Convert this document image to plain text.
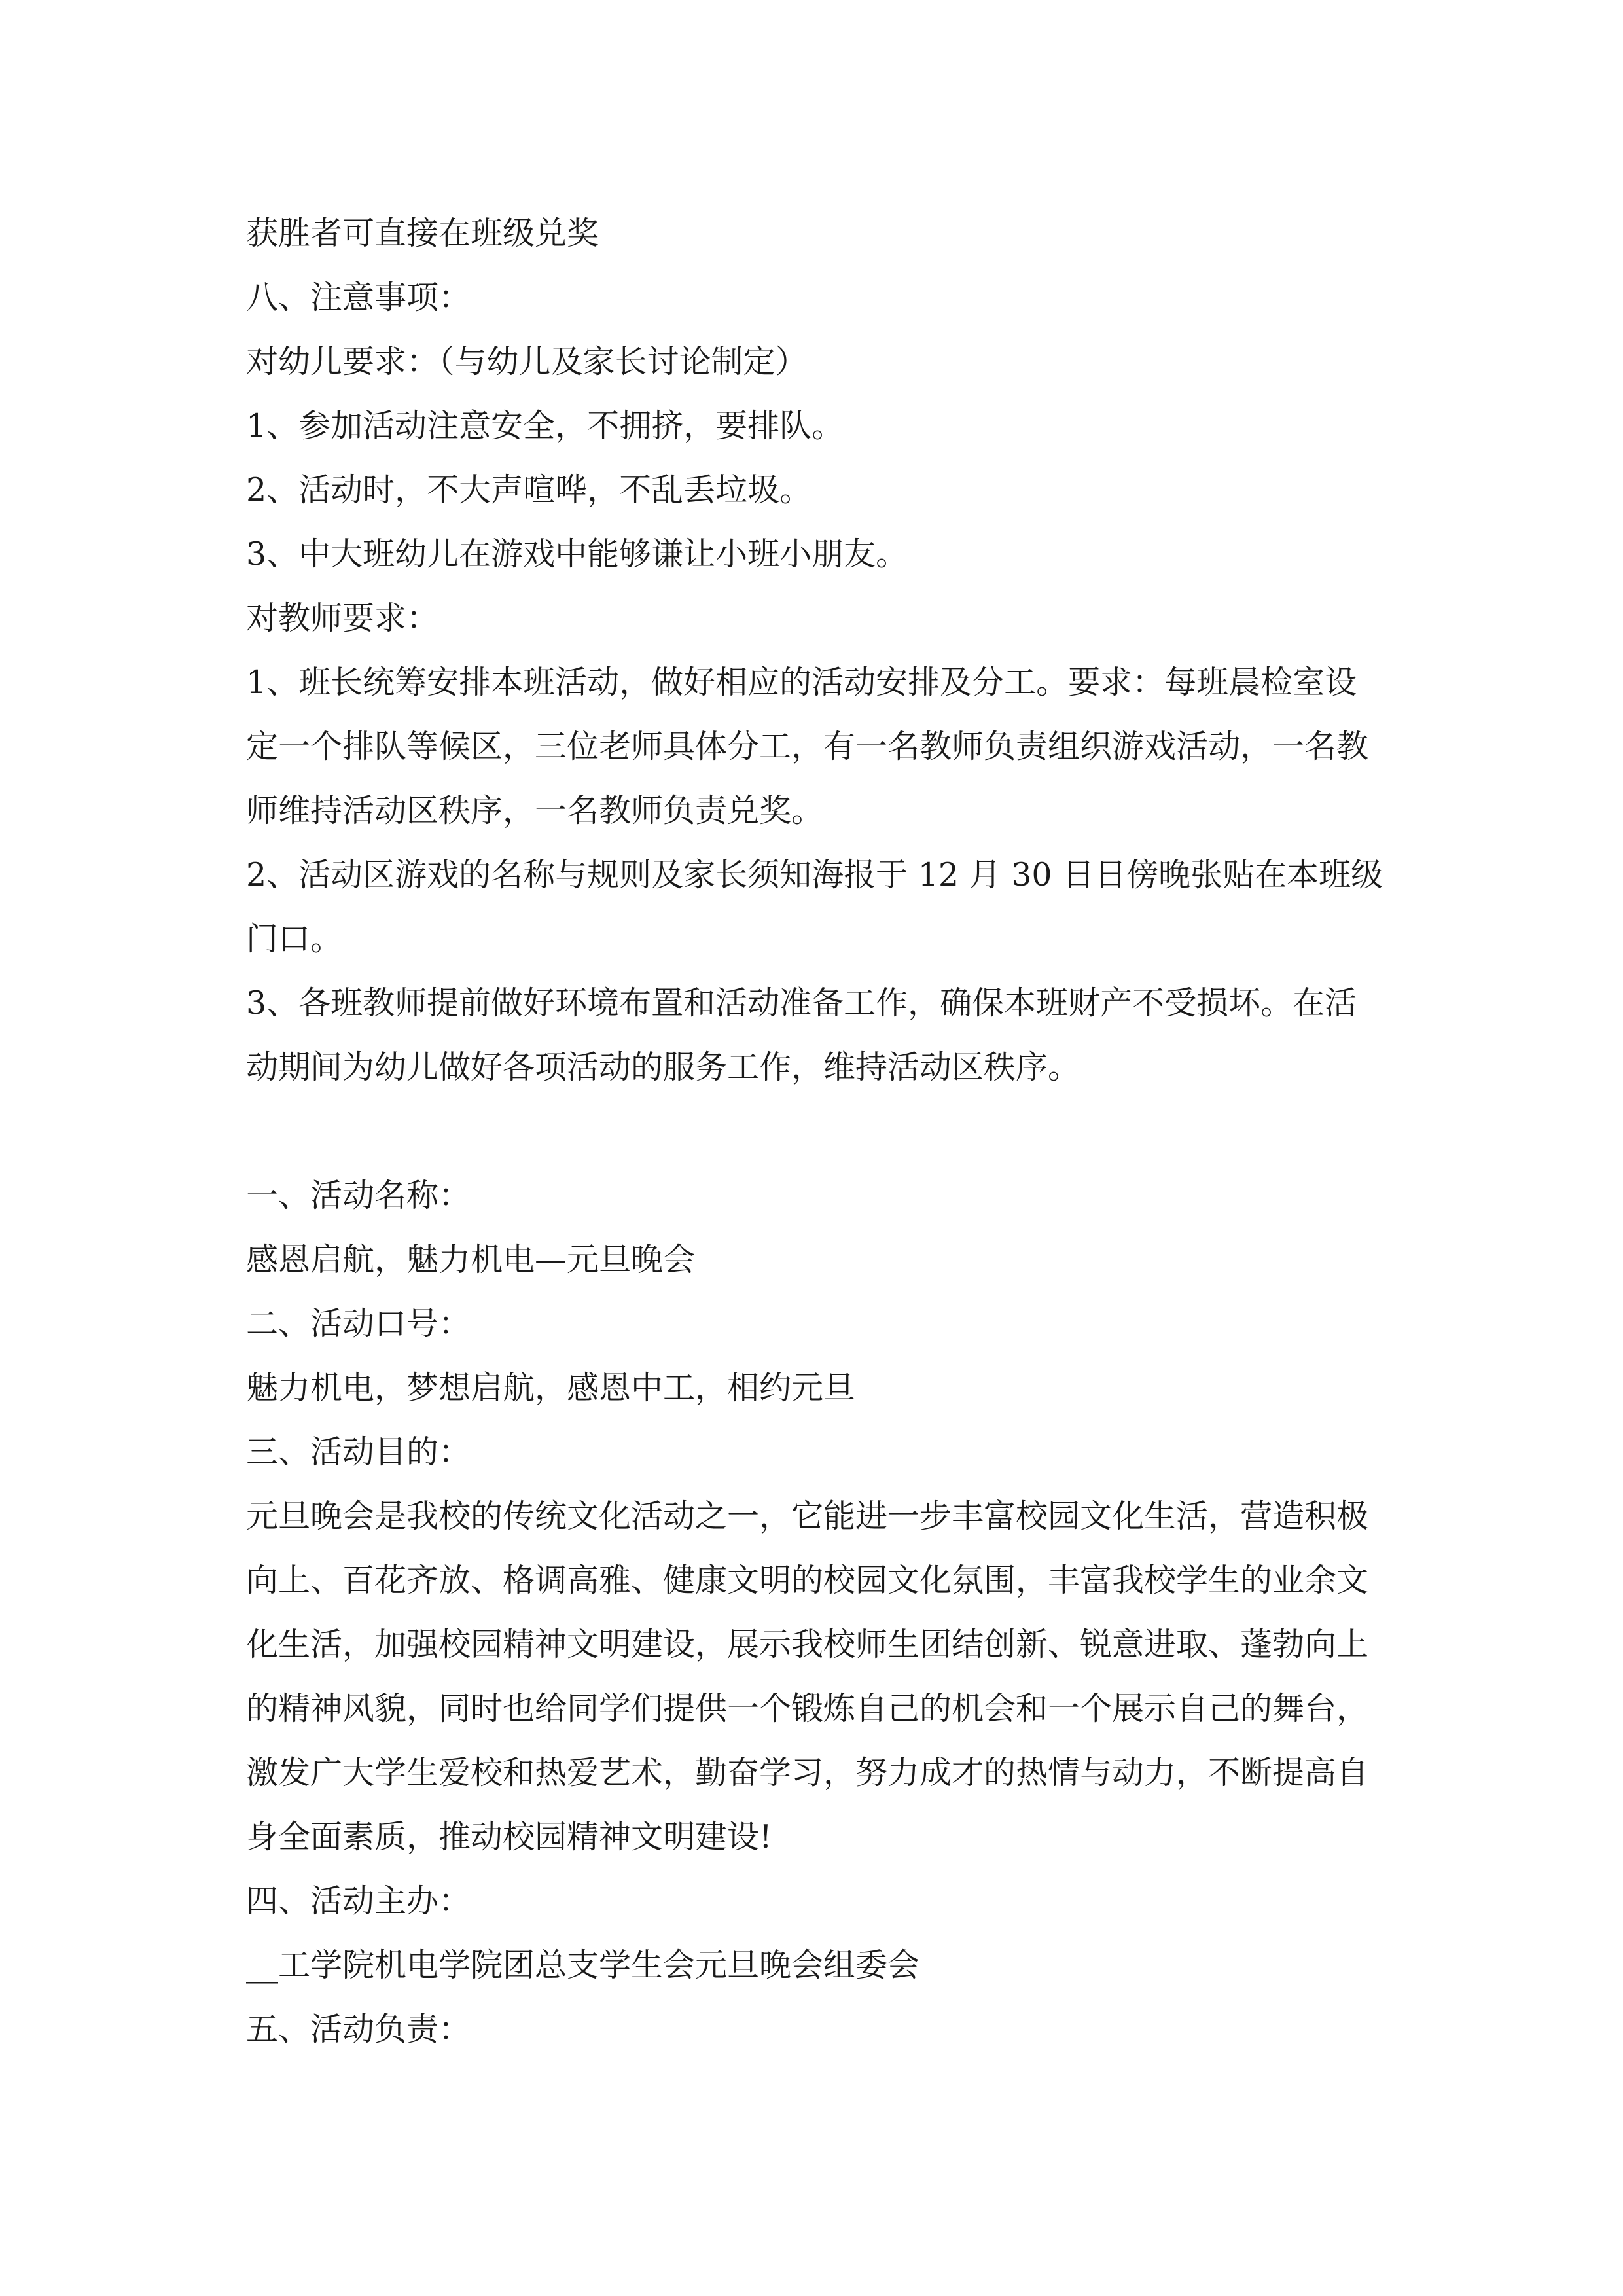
获胜者可直接在班级兑奖

八、注意事项：

对幼儿要求：（与幼儿及家长讨论制定）

1、参加活动注意安全，不拥挤，要排队。

2、活动时，不大声喧哗，不乱丢垃圾。

3、中大班幼儿在游戏中能够谦让小班小朋友。

对教师要求：

1、班长统筹安排本班活动，做好相应的活动安排及分工。要求：每班晨检室设

定一个排队等候区，三位老师具体分工，有一名教师负责组织游戏活动，一名教

师维持活动区秩序，一名教师负责兑奖。

2、活动区游戏的名称与规则及家长须知海报于 12 月 30 日日傍晚张贴在本班级

门口。

3、各班教师提前做好环境布置和活动准备工作，确保本班财产不受损坏。在活

动期间为幼儿做好各项活动的服务工作，维持活动区秩序。

一、活动名称：

感恩启航，魅力机电—元旦晚会

二、活动口号：

魅力机电，梦想启航，感恩中工，相约元旦

三、活动目的：

元旦晚会是我校的传统文化活动之一，它能进一步丰富校园文化生活，营造积极

向上、百花齐放、格调高雅、健康文明的校园文化氛围，丰富我校学生的业余文

化生活，加强校园精神文明建设，展示我校师生团结创新、锐意进取、蓬勃向上

的精神风貌，同时也给同学们提供一个锻炼自己的机会和一个展示自己的舞台，

激发广大学生爱校和热爱艺术，勤奋学习，努力成才的热情与动力，不断提高自

身全面素质，推动校园精神文明建设!

四、活动主办：

__工学院机电学院团总支学生会元旦晚会组委会

五、活动负责：
